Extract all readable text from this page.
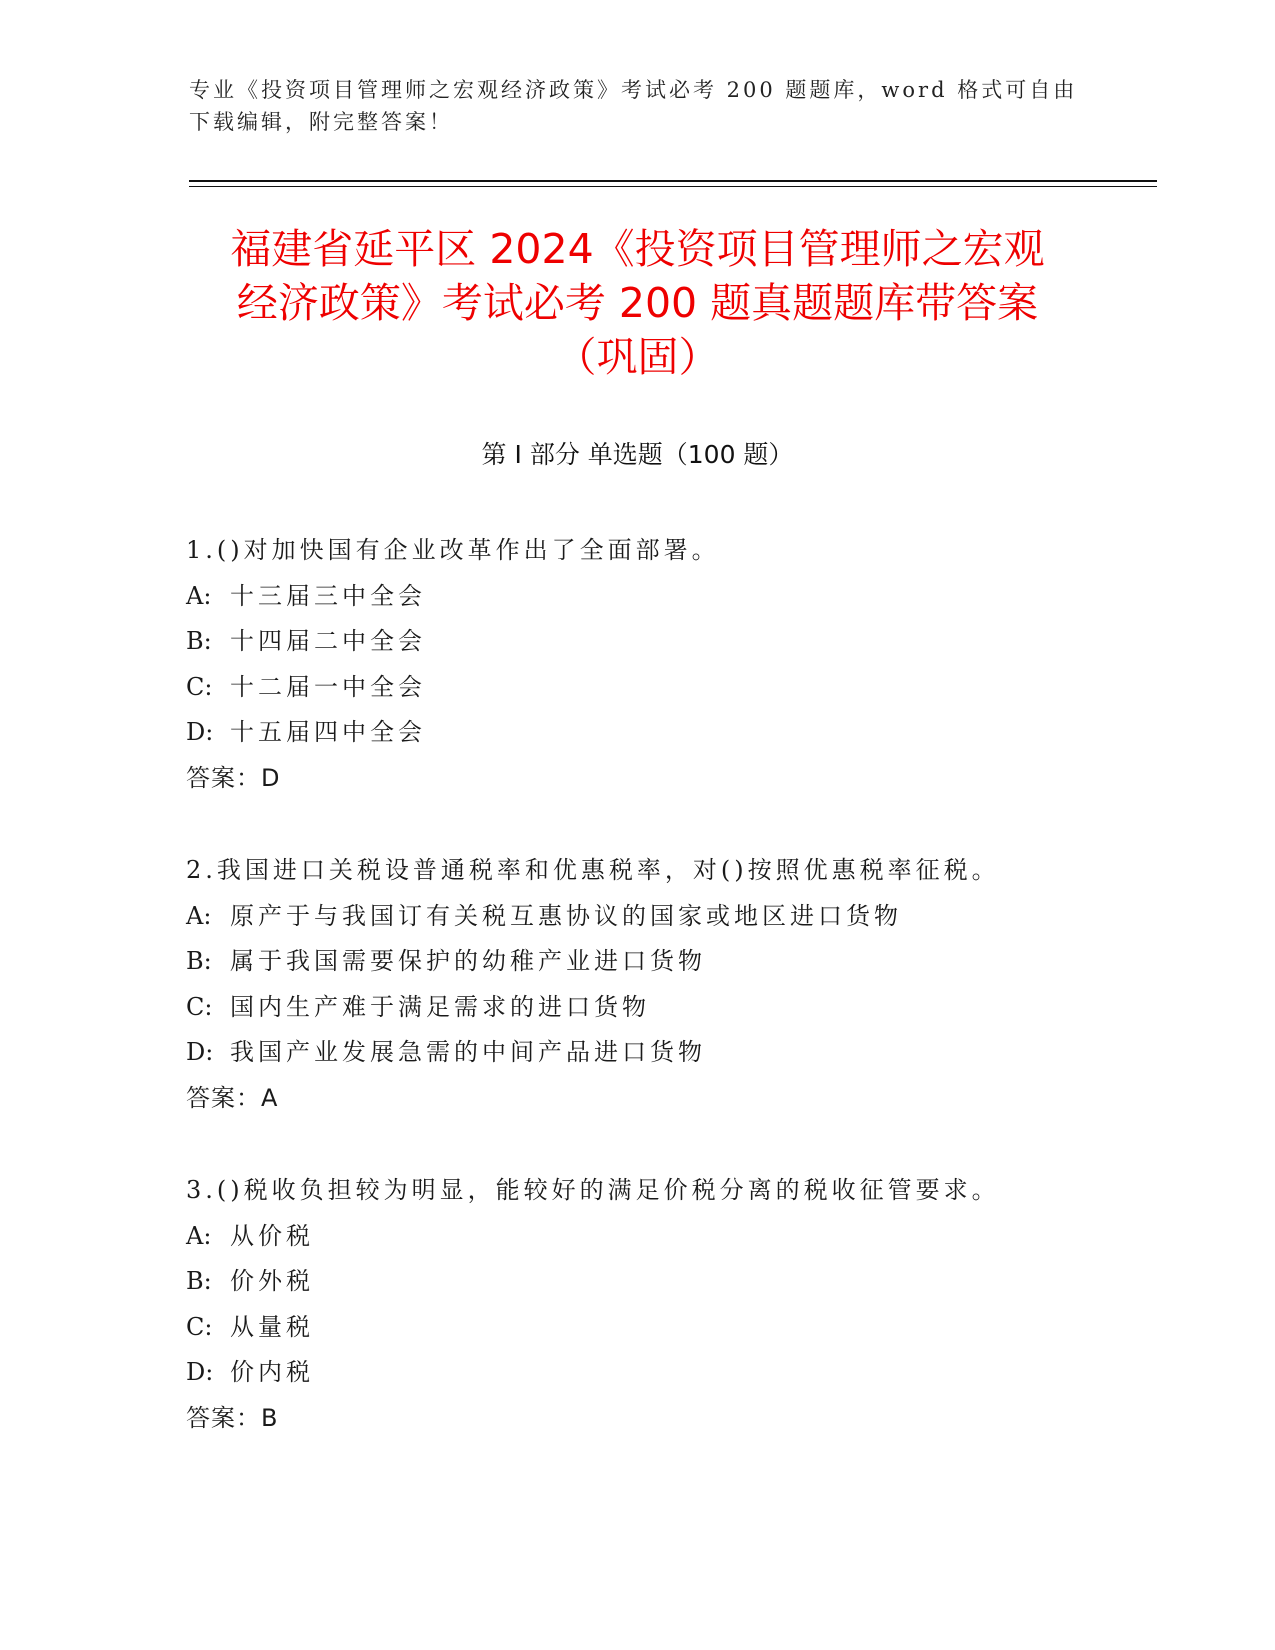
专业《投资项目管理师之宏观经济政策》考试必考 200 题题库，word 格式可自由下载编辑，附完整答案！
福建省延平区 2024《投资项目管理师之宏观
经济政策》考试必考 200 题真题题库带答案
（巩固）
第 I 部分 单选题（100 题）
1.()对加快国有企业改革作出了全面部署。
A: 十三届三中全会
B: 十四届二中全会
C: 十二届一中全会
D: 十五届四中全会
答案：D
2.我国进口关税设普通税率和优惠税率，对()按照优惠税率征税。
A: 原产于与我国订有关税互惠协议的国家或地区进口货物
B: 属于我国需要保护的幼稚产业进口货物
C: 国内生产难于满足需求的进口货物
D: 我国产业发展急需的中间产品进口货物
答案：A
3.()税收负担较为明显，能较好的满足价税分离的税收征管要求。
A: 从价税
B: 价外税
C: 从量税
D: 价内税
答案：B
